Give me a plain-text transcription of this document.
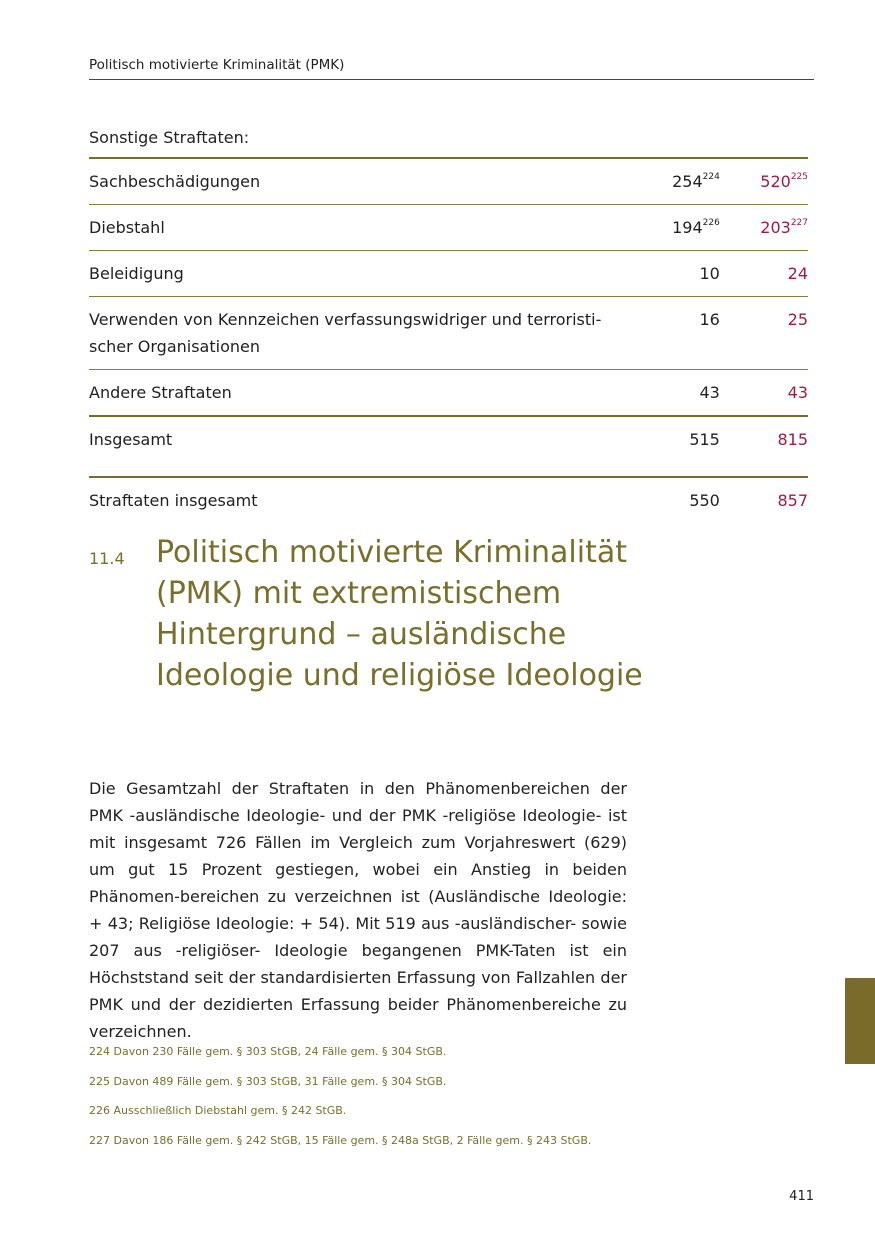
Politisch motivierte Kriminalität (PMK)
Sonstige Straftaten:
Sachbeschädigungen	$254^{224}$	$520^{225}$
Diebstahl	$194^{226}$	$203^{227}$
Beleidigung	10	24
Verwenden von Kennzeichen verfassungswidriger und terroristi-scher Organisationen	16	25
Andere Straftaten	43	43
Insgesamt	515	815

Straftaten insgesamt	550	857
11.4 Politisch motivierte Kriminalität (PMK) mit extremistischem Hintergrund – ausländische Ideologie und religiöse Ideologie
Die Gesamtzahl der Straftaten in den Phänomenbereichen der PMK -ausländische Ideologie- und der PMK -religiöse Ideologie- ist mit insgesamt 726 Fällen im Vergleich zum Vorjahreswert (629) um gut 15 Prozent gestiegen, wobei ein Anstieg in beiden Phänomen-bereichen zu verzeichnen ist (Ausländische Ideologie: + 43; Religiöse Ideologie: + 54). Mit 519 aus -ausländischer- sowie 207 aus -religiöser- Ideologie begangenen PMK-Taten ist ein Höchststand seit der standardisierten Erfassung von Fallzahlen der PMK und der dezidierten Erfassung beider Phänomenbereiche zu verzeichnen.
224 Davon 230 Fälle gem. § 303 StGB, 24 Fälle gem. § 304 StGB.
225 Davon 489 Fälle gem. § 303 StGB, 31 Fälle gem. § 304 StGB.
226 Ausschließlich Diebstahl gem. § 242 StGB.
227 Davon 186 Fälle gem. § 242 StGB, 15 Fälle gem. § 248a StGB, 2 Fälle gem. § 243 StGB.
411
